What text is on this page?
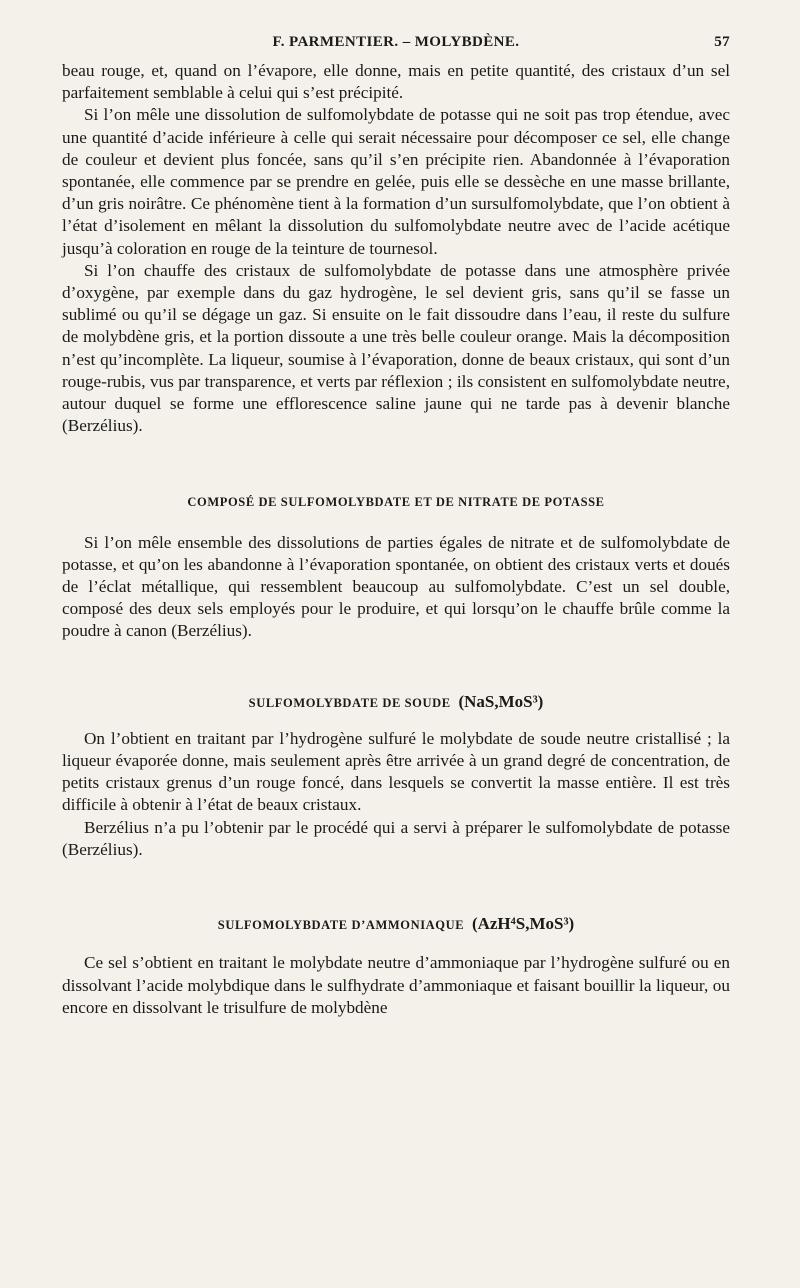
F. PARMENTIER. – MOLYBDÈNE.	57

beau rouge, et, quand on l’évapore, elle donne, mais en petite quantité, des cristaux d’un sel parfaitement semblable à celui qui s’est précipité.

Si l’on mêle une dissolution de sulfomolybdate de potasse qui ne soit pas trop étendue, avec une quantité d’acide inférieure à celle qui serait nécessaire pour décomposer ce sel, elle change de couleur et devient plus foncée, sans qu’il s’en précipite rien. Abandonnée à l’évaporation spontanée, elle commence par se prendre en gelée, puis elle se dessèche en une masse brillante, d’un gris noirâtre. Ce phénomène tient à la formation d’un sursulfomolybdate, que l’on obtient à l’état d’isolement en mêlant la dissolution du sulfomolybdate neutre avec de l’acide acétique jusqu’à coloration en rouge de la teinture de tournesol.

Si l’on chauffe des cristaux de sulfomolybdate de potasse dans une atmosphère privée d’oxygène, par exemple dans du gaz hydrogène, le sel devient gris, sans qu’il se fasse un sublimé ou qu’il se dégage un gaz. Si ensuite on le fait dissoudre dans l’eau, il reste du sulfure de molybdène gris, et la portion dissoute a une très belle couleur orange. Mais la décomposition n’est qu’incomplète. La liqueur, soumise à l’évaporation, donne de beaux cristaux, qui sont d’un rouge-rubis, vus par transparence, et verts par réflexion ; ils consistent en sulfomolybdate neutre, autour duquel se forme une efflorescence saline jaune qui ne tarde pas à devenir blanche (Berzélius).

COMPOSÉ DE SULFOMOLYBDATE ET DE NITRATE DE POTASSE

Si l’on mêle ensemble des dissolutions de parties égales de nitrate et de sulfomolybdate de potasse, et qu’on les abandonne à l’évaporation spontanée, on obtient des cristaux verts et doués de l’éclat métallique, qui ressemblent beaucoup au sulfomolybdate. C’est un sel double, composé des deux sels employés pour le produire, et qui lorsqu’on le chauffe brûle comme la poudre à canon (Berzélius).

SULFOMOLYBDATE DE SOUDE (NaS,MoS³)

On l’obtient en traitant par l’hydrogène sulfuré le molybdate de soude neutre cristallisé ; la liqueur évaporée donne, mais seulement après être arrivée à un grand degré de concentration, de petits cristaux grenus d’un rouge foncé, dans lesquels se convertit la masse entière. Il est très difficile à obtenir à l’état de beaux cristaux.

Berzélius n’a pu l’obtenir par le procédé qui a servi à préparer le sulfomolybdate de potasse (Berzélius).

SULFOMOLYBDATE D’AMMONIAQUE (AzH⁴S,MoS³)

Ce sel s’obtient en traitant le molybdate neutre d’ammoniaque par l’hydrogène sulfuré ou en dissolvant l’acide molybdique dans le sulfhydrate d’ammoniaque et faisant bouillir la liqueur, ou encore en dissolvant le trisulfure de molybdène
